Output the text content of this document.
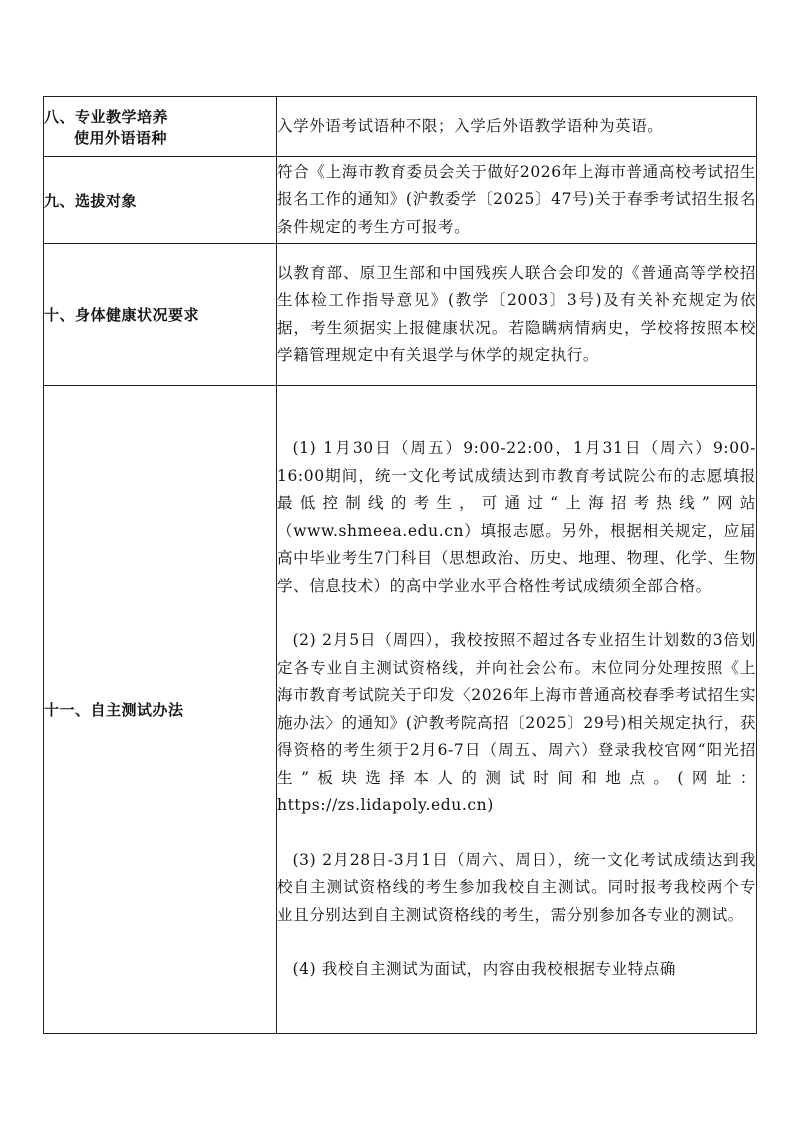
八、专业教学培养
使用外语语种	入学外语考试语种不限；入学后外语教学语种为英语。
九、选拔对象	符合《上海市教育委员会关于做好2026年上海市普通高校考试招生报名工作的通知》(沪教委学〔2025〕47号)关于春季考试招生报名条件规定的考生方可报考。
十、身体健康状况要求	以教育部、原卫生部和中国残疾人联合会印发的《普通高等学校招生体检工作指导意见》(教学〔2003〕3号)及有关补充规定为依据，考生须据实上报健康状况。若隐瞒病情病史，学校将按照本校学籍管理规定中有关退学与休学的规定执行。
十一、自主测试办法	(1) 1月30日（周五）9:00-22:00，1月31日（周六）9:00-16:00期间，统一文化考试成绩达到市教育考试院公布的志愿填报最低控制线的考生，可通过“上海招考热线”网站（www.shmeea.edu.cn）填报志愿。另外，根据相关规定，应届高中毕业考生7门科目（思想政治、历史、地理、物理、化学、生物学、信息技术）的高中学业水平合格性考试成绩须全部合格。

(2) 2月5日（周四），我校按照不超过各专业招生计划数的3倍划定各专业自主测试资格线，并向社会公布。末位同分处理按照《上海市教育考试院关于印发〈2026年上海市普通高校春季考试招生实施办法〉的通知》(沪教考院高招〔2025〕29号)相关规定执行，获得资格的考生须于2月6-7日（周五、周六）登录我校官网“阳光招生”板块选择本人的测试时间和地点。(网址：https://zs.lidapoly.edu.cn)

(3) 2月28日-3月1日（周六、周日），统一文化考试成绩达到我校自主测试资格线的考生参加我校自主测试。同时报考我校两个专业且分别达到自主测试资格线的考生，需分别参加各专业的测试。

(4) 我校自主测试为面试，内容由我校根据专业特点确
